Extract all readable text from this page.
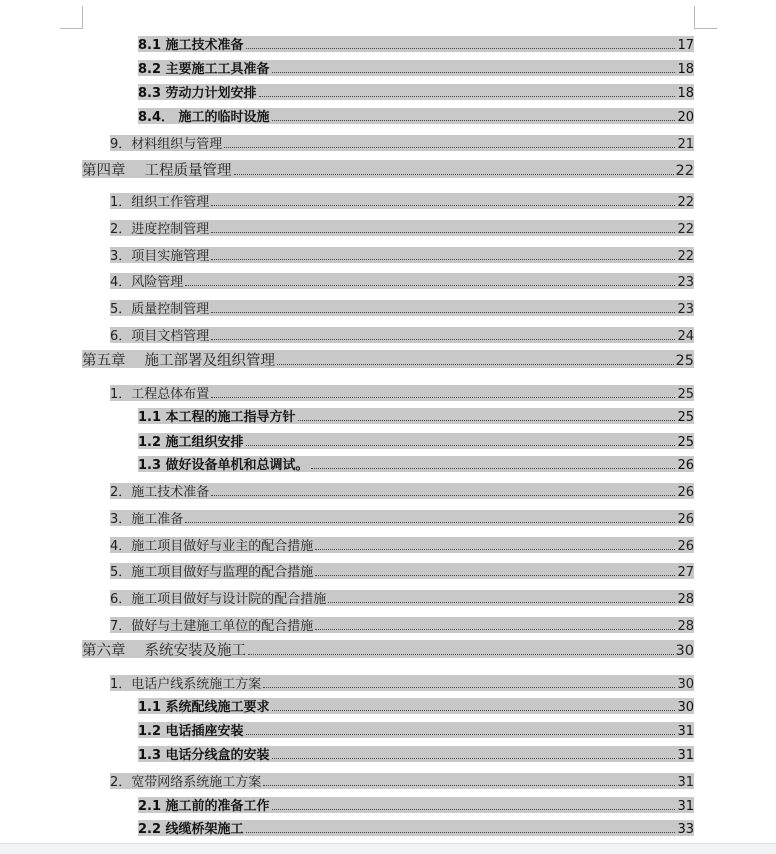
8.1 施工技术准备	17
8.2 主要施工工具准备	18
8.3 劳动力计划安排	18
8.4． 施工的临时设施	20
9．材料组织与管理	21
第四章 工程质量管理	22
1．组织工作管理	22
2．进度控制管理	22
3．项目实施管理	22
4．风险管理	23
5．质量控制管理	23
6．项目文档管理	24
第五章 施工部署及组织管理	25
1．工程总体布置	25
1.1 本工程的施工指导方针	25
1.2 施工组织安排	25
1.3 做好设备单机和总调试。	26
2．施工技术准备	26
3．施工准备	26
4．施工项目做好与业主的配合措施	26
5．施工项目做好与监理的配合措施	27
6．施工项目做好与设计院的配合措施	28
7．做好与土建施工单位的配合措施	28
第六章 系统安装及施工	30
1．电话户线系统施工方案	30
1.1 系统配线施工要求	30
1.2 电话插座安装	31
1.3 电话分线盒的安装	31
2．宽带网络系统施工方案	31
2.1 施工前的准备工作	31
2.2 线缆桥架施工	33
